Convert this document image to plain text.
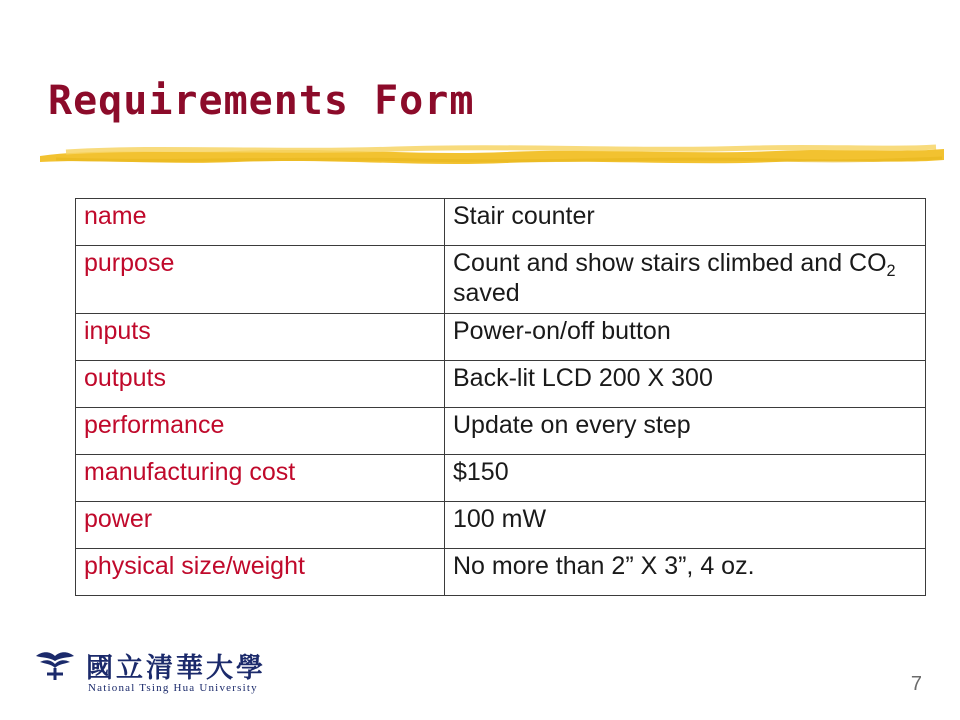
Requirements Form
name	Stair counter
purpose	Count and show stairs climbed and $CO_2$ saved
inputs	Power-on/off button
outputs	Back-lit LCD 200 X 300
performance	Update on every step
manufacturing cost	$150
power	100 mW
physical size/weight	No more than 2” X 3”, 4 oz.
國立清華大學
National Tsing Hua University	7
